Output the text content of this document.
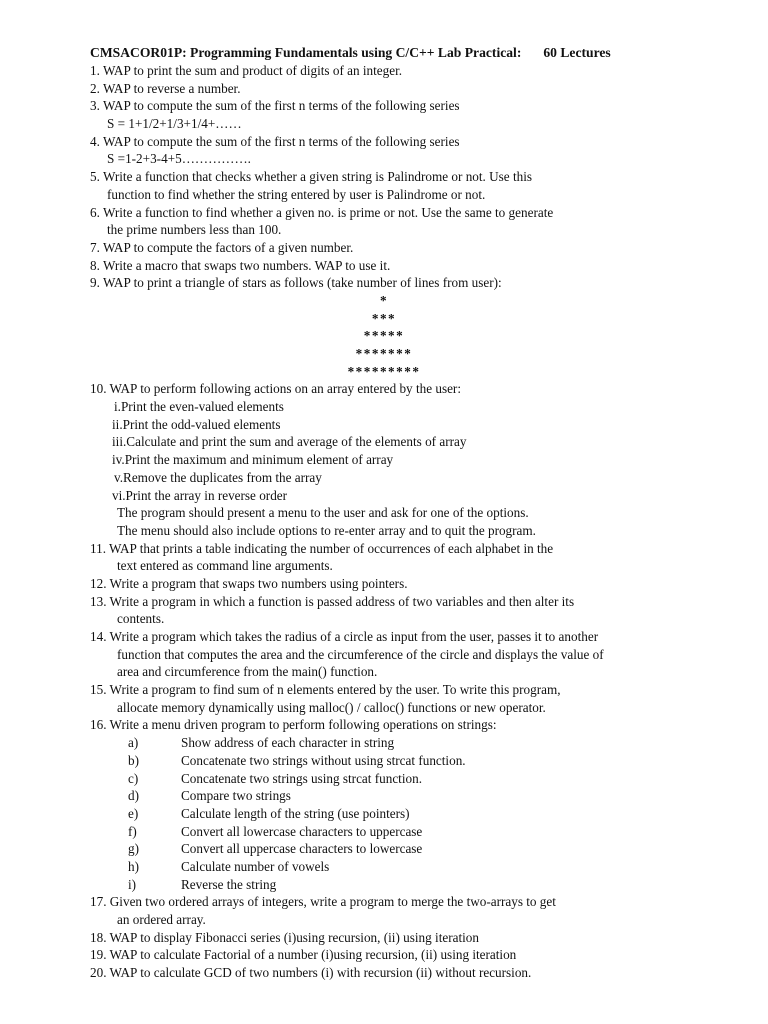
CMSACOR01P: Programming Fundamentals using C/C++ Lab Practical: 60 Lectures
1. WAP to print the sum and product of digits of an integer.
2. WAP to reverse a number.
3. WAP to compute the sum of the first n terms of the following series
S = 1+1/2+1/3+1/4+……
4. WAP to compute the sum of the first n terms of the following series
S =1-2+3-4+5…………….
5. Write a function that checks whether a given string is Palindrome or not. Use this
function to find whether the string entered by user is Palindrome or not.
6. Write a function to find whether a given no. is prime or not. Use the same to generate
the prime numbers less than 100.
7. WAP to compute the factors of a given number.
8. Write a macro that swaps two numbers. WAP to use it.
9. WAP to print a triangle of stars as follows (take number of lines from user):
*
***
*****
*******
*********
10. WAP to perform following actions on an array entered by the user:
i.Print the even-valued elements
ii.Print the odd-valued elements
iii.Calculate and print the sum and average of the elements of array
iv.Print the maximum and minimum element of array
v.Remove the duplicates from the array
vi.Print the array in reverse order
The program should present a menu to the user and ask for one of the options.
The menu should also include options to re-enter array and to quit the program.
11. WAP that prints a table indicating the number of occurrences of each alphabet in the
text entered as command line arguments.
12. Write a program that swaps two numbers using pointers.
13. Write a program in which a function is passed address of two variables and then alter its
contents.
14. Write a program which takes the radius of a circle as input from the user, passes it to another
function that computes the area and the circumference of the circle and displays the value of
area and circumference from the main() function.
15. Write a program to find sum of n elements entered by the user. To write this program,
allocate memory dynamically using malloc() / calloc() functions or new operator.
16. Write a menu driven program to perform following operations on strings:
a)	Show address of each character in string
b)	Concatenate two strings without using strcat function.
c)	Concatenate two strings using strcat function.
d)	Compare two strings
e)	Calculate length of the string (use pointers)
f)	Convert all lowercase characters to uppercase
g)	Convert all uppercase characters to lowercase
h)	Calculate number of vowels
i)	Reverse the string
17. Given two ordered arrays of integers, write a program to merge the two-arrays to get
an ordered array.
18. WAP to display Fibonacci series (i)using recursion, (ii) using iteration
19. WAP to calculate Factorial of a number (i)using recursion, (ii) using iteration
20. WAP to calculate GCD of two numbers (i) with recursion (ii) without recursion.
